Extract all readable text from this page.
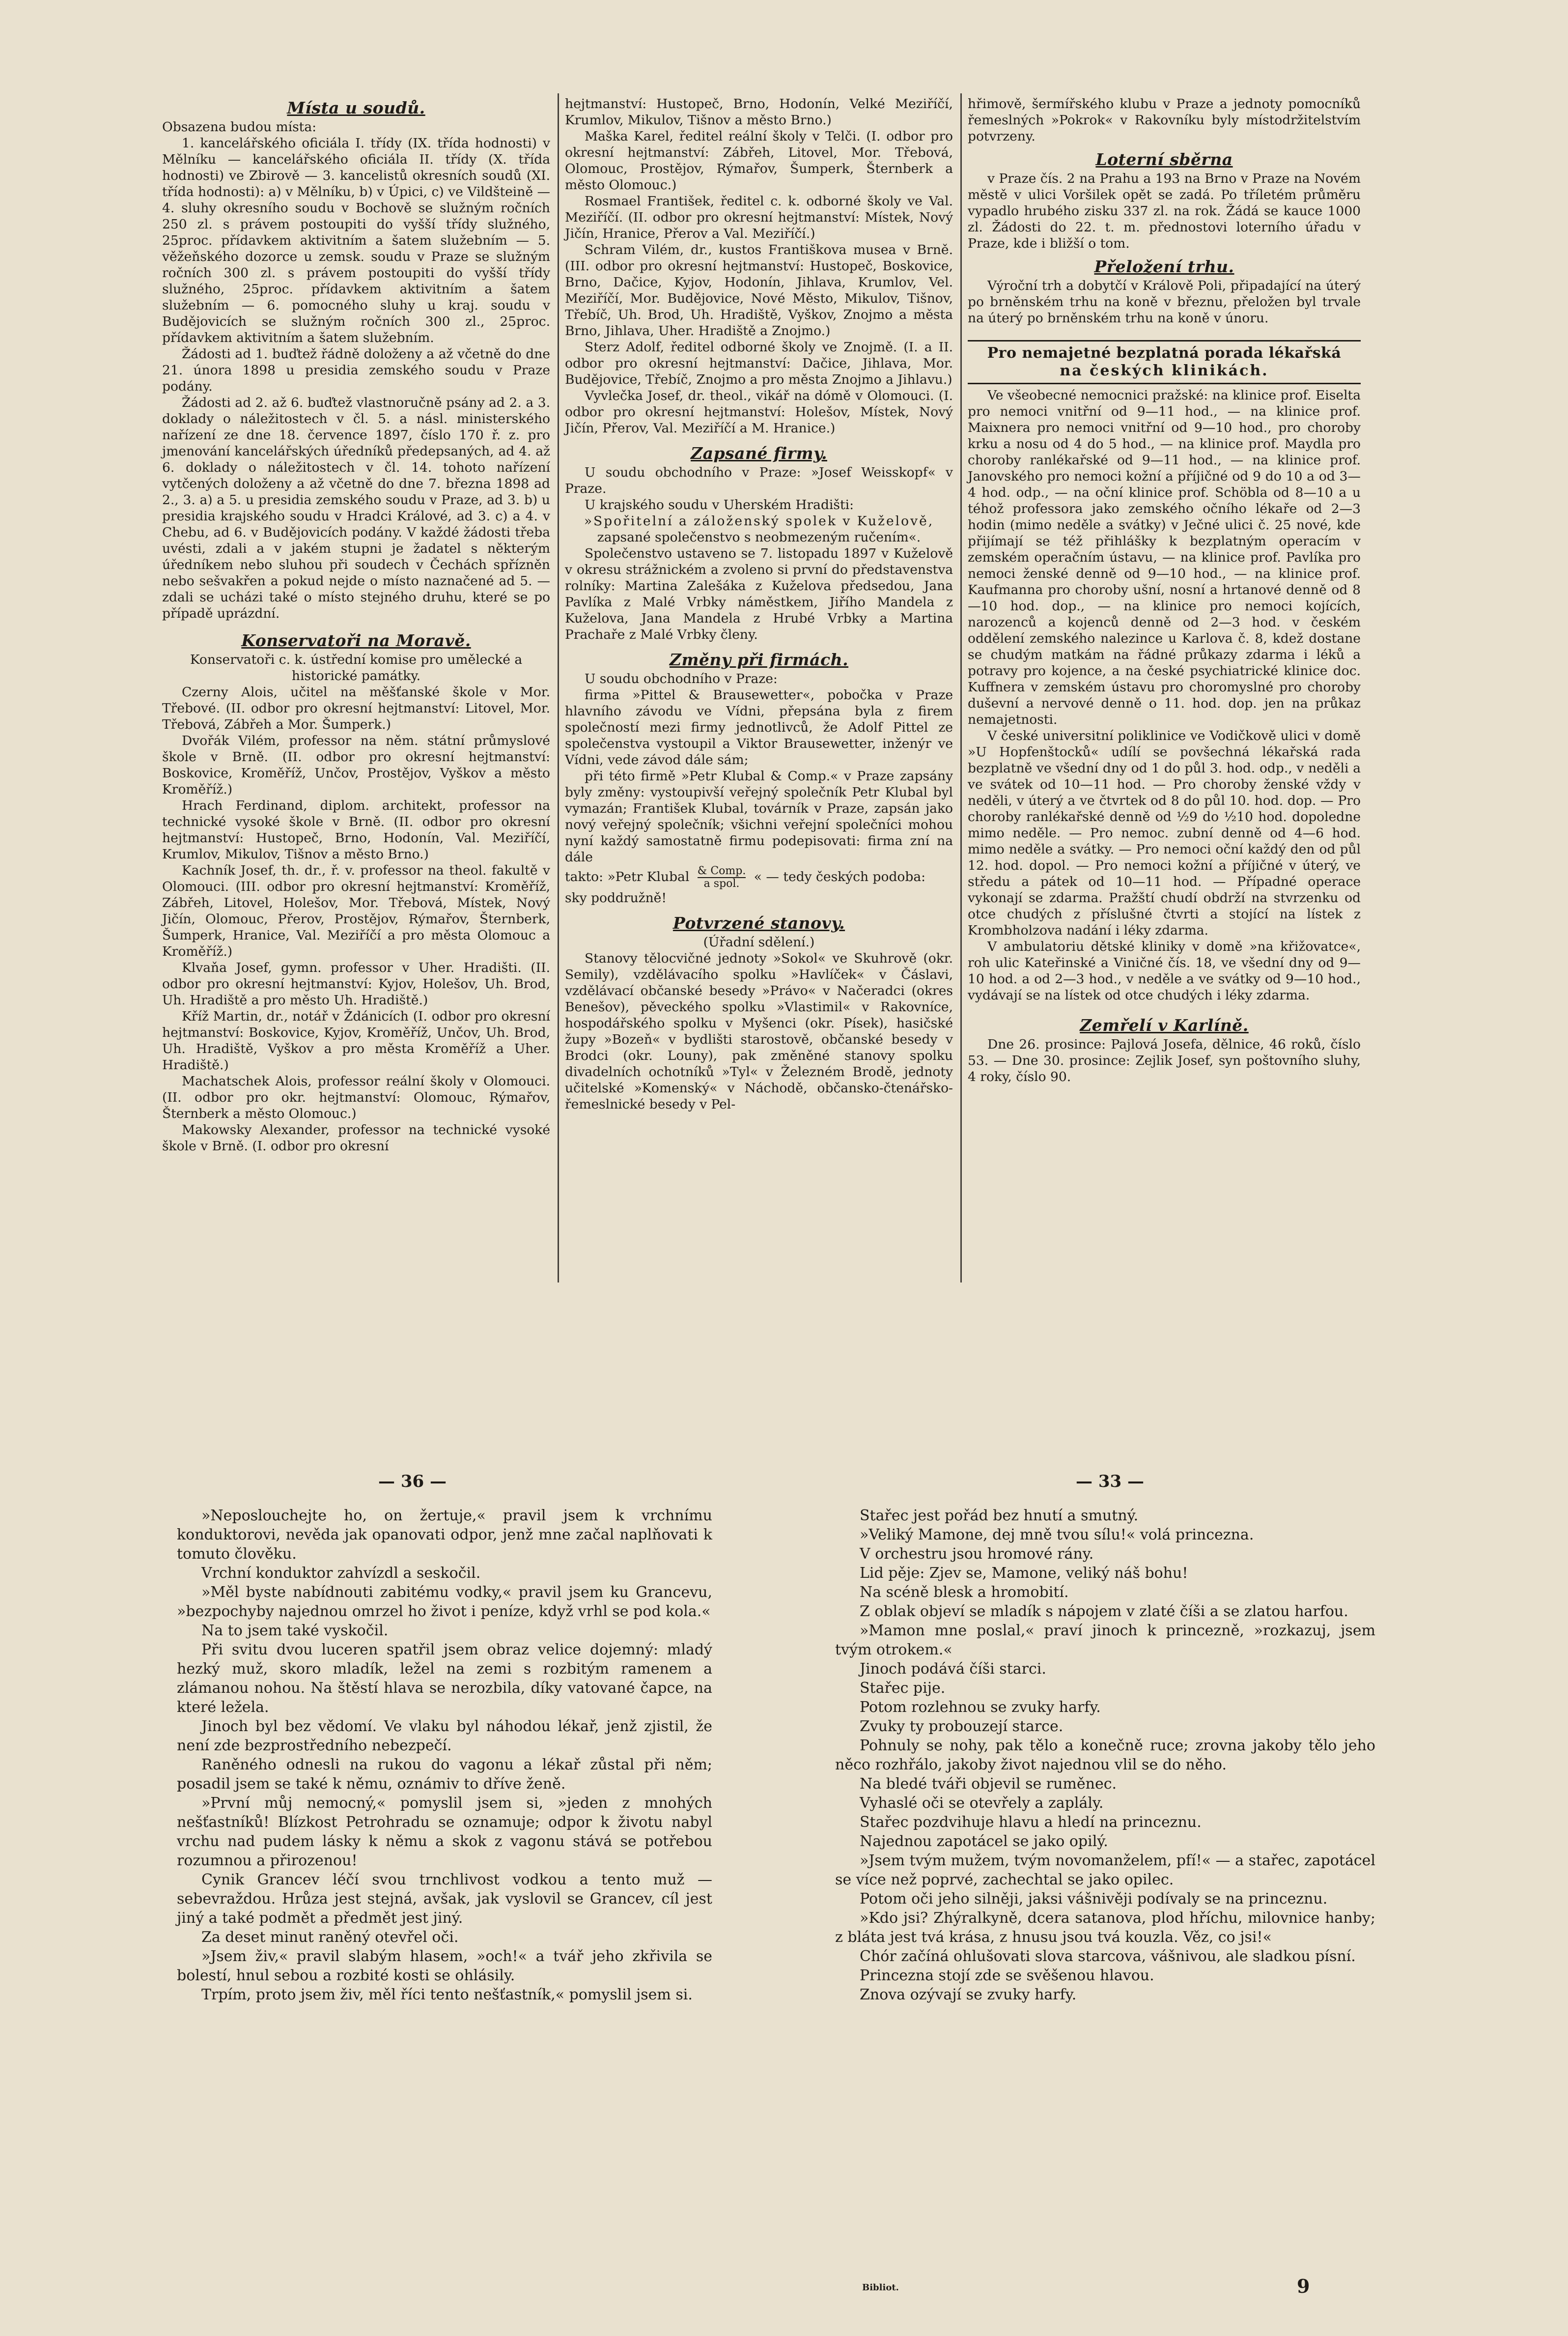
Místa u soudů.

Obsazena budou místa:

1. kancelářského oficiála I. třídy (IX. třída hodnosti) v Mělníku — kancelářského oficiála II. třídy (X. třída hodnosti) ve Zbirově — 3. kancelistů okresních soudů (XI. třída hodnosti): a) v Mělníku, b) v Úpici, c) ve Vildšteině — 4. sluhy okresního soudu v Bochově se služným ročních 250 zl. s právem postoupiti do vyšší třídy služného, 25proc. přídavkem aktivitním a šatem služebním — 5. věžeňského dozorce u zemsk. soudu v Praze se služným ročních 300 zl. s právem postoupiti do vyšší třídy služného, 25proc. přídavkem aktivitním a šatem služebním — 6. pomocného sluhy u kraj. soudu v Budějovicích se služným ročních 300 zl., 25proc. přídavkem aktivitním a šatem služebním.

Žádosti ad 1. buďtež řádně doloženy a až včetně do dne 21. února 1898 u presidia zemského soudu v Praze podány.

Žádosti ad 2. až 6. buďtež vlastnoručně psány ad 2. a 3. doklady o náležitostech v čl. 5. a násl. ministerského nařízení ze dne 18. července 1897, číslo 170 ř. z. pro jmenování kancelářských úředníků předepsaných, ad 4. až 6. doklady o náležitostech v čl. 14. tohoto nařízení vytčených doloženy a až včetně do dne 7. března 1898 ad 2., 3. a) a 5. u presidia zemského soudu v Praze, ad 3. b) u presidia krajského soudu v Hradci Králové, ad 3. c) a 4. v Chebu, ad 6. v Budějovicích podány. V každé žádosti třeba uvésti, zdali a v jakém stupni je žadatel s některým úředníkem nebo sluhou při soudech v Čechách spřízněn nebo sešvakřen a pokud nejde o místo naznačené ad 5. — zdali se ucházi také o místo stejného druhu, které se po případě uprázdní.

Konservatoři na Moravě.

Konservatoři c. k. ústřední komise pro umělecké a historické památky.

Czerny Alois, učitel na měšťanské škole v Mor. Třebové. (II. odbor pro okresní hejtmanství: Litovel, Mor. Třebová, Zábřeh a Mor. Šumperk.)

Dvořák Vilém, professor na něm. státní průmyslové škole v Brně. (II. odbor pro okresní hejtmanství: Boskovice, Kroměříž, Unčov, Prostějov, Vyškov a město Kroměříž.)

Hrach Ferdinand, diplom. architekt, professor na technické vysoké škole v Brně. (II. odbor pro okresní hejtmanství: Hustopeč, Brno, Hodonín, Val. Meziříčí, Krumlov, Mikulov, Tišnov a město Brno.)

Kachník Josef, th. dr., ř. v. professor na theol. fakultě v Olomouci. (III. odbor pro okresní hejtmanství: Kroměříž, Zábřeh, Litovel, Holešov, Mor. Třebová, Místek, Nový Jičín, Olomouc, Přerov, Prostějov, Rýmařov, Šternberk, Šumperk, Hranice, Val. Meziříčí a pro města Olomouc a Kroměříž.)

Klvaňa Josef, gymn. professor v Uher. Hradišti. (II. odbor pro okresní hejtmanství: Kyjov, Holešov, Uh. Brod, Uh. Hradiště a pro město Uh. Hradiště.)

Kříž Martin, dr., notář v Ždánicích (I. odbor pro okresní hejtmanství: Boskovice, Kyjov, Kroměříž, Unčov, Uh. Brod, Uh. Hradiště, Vyškov a pro města Kroměříž a Uher. Hradiště.)

Machatschek Alois, professor reální školy v Olomouci. (II. odbor pro okr. hejtmanství: Olomouc, Rýmařov, Šternberk a město Olomouc.)

Makowsky Alexander, professor na technické vysoké škole v Brně. (I. odbor pro okresní

hejtmanství: Hustopeč, Brno, Hodonín, Velké Meziříčí, Krumlov, Mikulov, Tišnov a město Brno.)

Maška Karel, ředitel reální školy v Telči. (I. odbor pro okresní hejtmanství: Zábřeh, Litovel, Mor. Třebová, Olomouc, Prostějov, Rýmařov, Šumperk, Šternberk a město Olomouc.)

Rosmael František, ředitel c. k. odborné školy ve Val. Meziříčí. (II. odbor pro okresní hejtmanství: Místek, Nový Jičín, Hranice, Přerov a Val. Meziříčí.)

Schram Vilém, dr., kustos Františkova musea v Brně. (III. odbor pro okresní hejtmanství: Hustopeč, Boskovice, Brno, Dačice, Kyjov, Hodonín, Jihlava, Krumlov, Vel. Meziříčí, Mor. Budějovice, Nové Město, Mikulov, Tišnov, Třebíč, Uh. Brod, Uh. Hradiště, Vyškov, Znojmo a města Brno, Jihlava, Uher. Hradiště a Znojmo.)

Sterz Adolf, ředitel odborné školy ve Znojmě. (I. a II. odbor pro okresní hejtmanství: Dačice, Jihlava, Mor. Budějovice, Třebíč, Znojmo a pro města Znojmo a Jihlavu.)

Vyvlečka Josef, dr. theol., vikář na dómě v Olomouci. (I. odbor pro okresní hejtmanství: Holešov, Místek, Nový Jičín, Přerov, Val. Meziříčí a M. Hranice.)

Zapsané firmy.

U soudu obchodního v Praze: »Josef Weisskopf« v Praze.

U krajského soudu v Uherském Hradišti:

»Spořitelní a záloženský spolek v Kuželově,

zapsané společenstvo s neobmezeným ručením«.

Společenstvo ustaveno se 7. listopadu 1897 v Kuželově v okresu strážnickém a zvoleno si první do představenstva rolníky: Martina Zalešáka z Kuželova předsedou, Jana Pavlíka z Malé Vrbky náměstkem, Jiřího Mandela z Kuželova, Jana Mandela z Hrubé Vrbky a Martina Prachaře z Malé Vrbky členy.

Změny při firmách.

U soudu obchodního v Praze:

firma »Pittel & Brausewetter«, pobočka v Praze hlavního závodu ve Vídni, přepsána byla z firem společností mezi firmy jednotlivců, že Adolf Pittel ze společenstva vystoupil a Viktor Brausewetter, inženýr ve Vídni, vede závod dále sám;

při této firmě »Petr Klubal & Comp.« v Praze zapsány byly změny: vystoupivší veřejný společník Petr Klubal byl vymazán; František Klubal, továrník v Praze, zapsán jako nový veřejný společník; všichni veřejní společníci mohou nyní každý samostatně firmu podepisovati: firma zní na dále

takto: »Petr Klubal & Comp.
a spol.	« — tedy českých podoba:

sky poddružně!

Potvrzené stanovy.

(Úřadní sdělení.)

Stanovy tělocvičné jednoty »Sokol« ve Skuhrově (okr. Semily), vzdělávacího spolku »Havlíček« v Čáslavi, vzdělávací občanské besedy »Právo« v Načeradci (okres Benešov), pěveckého spolku »Vlastimil« v Rakovníce, hospodářského spolku v Myšenci (okr. Písek), hasičské župy »Bozeň« v bydlišti starostově, občanské besedy v Brodci (okr. Louny), pak změněné stanovy spolku divadelních ochotníků »Tyl« v Železném Brodě, jednoty učitelské »Komenský« v Náchodě, občansko-čtenářsko-řemeslnické besedy v Pel-

hřimově, šermířského klubu v Praze a jednoty pomocníků řemeslných »Pokrok« v Rakovníku byly místodržitelstvím potvrzeny.

Loterní sběrna

v Praze čís. 2 na Prahu a 193 na Brno v Praze na Novém městě v ulici Voršilek opět se zadá. Po tříletém průměru vypadlo hrubého zisku 337 zl. na rok. Žádá se kauce 1000 zl. Žádosti do 22. t. m. přednostovi loterního úřadu v Praze, kde i bližší o tom.

Přeložení trhu.

Výroční trh a dobytčí v Králově Poli, připadající na úterý po brněnském trhu na koně v březnu, přeložen byl trvale na úterý po brněnském trhu na koně v únoru.

Pro nemajetné bezplatná porada lékařská
na českých klinikách.

Ve všeobecné nemocnici pražské: na klinice prof. Eiselta pro nemoci vnitřní od 9—11 hod., — na klinice prof. Maixnera pro nemoci vnitřní od 9—10 hod., pro choroby krku a nosu od 4 do 5 hod., — na klinice prof. Maydla pro choroby ranlékařské od 9—11 hod., — na klinice prof. Janovského pro nemoci kožní a příjičné od 9 do 10 a od 3—4 hod. odp., — na oční klinice prof. Schöbla od 8—10 a u téhož professora jako zemského očního lékaře od 2—3 hodin (mimo neděle a svátky) v Ječné ulici č. 25 nové, kde přijímají se též přihlášky k bezplatným operacím v zemském operačním ústavu, — na klinice prof. Pavlíka pro nemoci ženské denně od 9—10 hod., — na klinice prof. Kaufmanna pro choroby ušní, nosní a hrtanové denně od 8—10 hod. dop., — na klinice pro nemoci kojících, narozenců a kojenců denně od 2—3 hod. v českém oddělení zemského nalezince u Karlova č. 8, kdež dostane se chudým matkám na řádné průkazy zdarma i léků a potravy pro kojence, a na české psychiatrické klinice doc. Kuffnera v zemském ústavu pro choromyslné pro choroby duševní a nervové denně o 11. hod. dop. jen na průkaz nemajetnosti.

V české universitní poliklinice ve Vodičkově ulici v domě »U Hopfenštocků« udílí se povšechná lékařská rada bezplatně ve všední dny od 1 do půl 3. hod. odp., v neděli a ve svátek od 10—11 hod. — Pro choroby ženské vždy v neděli, v úterý a ve čtvrtek od 8 do půl 10. hod. dop. — Pro choroby ranlékařské denně od ½9 do ½10 hod. dopoledne mimo neděle. — Pro nemoc. zubní denně od 4—6 hod. mimo neděle a svátky. — Pro nemoci oční každý den od půl 12. hod. dopol. — Pro nemoci kožní a příjičné v úterý, ve středu a pátek od 10—11 hod. — Případné operace vykonají se zdarma. Pražští chudí obdrží na stvrzenku od otce chudých z příslušné čtvrti a stojící na lístek z Krombholzova nadání i léky zdarma.

V ambulatoriu dětské kliniky v domě »na křižovatce«, roh ulic Kateřinské a Viničné čís. 18, ve všední dny od 9—10 hod. a od 2—3 hod., v neděle a ve svátky od 9—10 hod., vydávají se na lístek od otce chudých i léky zdarma.

Zemřelí v Karlíně.

Dne 26. prosince: Pajlová Josefa, dělnice, 46 roků, číslo 53. — Dne 30. prosince: Zejlik Josef, syn poštovního sluhy, 4 roky, číslo 90.

— 36 —	— 33 —

»Neposlouchejte ho, on žertuje,« pravil jsem k vrchnímu konduktorovi, nevěda jak opanovati odpor, jenž mne začal naplňovati k tomuto člověku.

Vrchní konduktor zahvízdl a seskočil.

»Měl byste nabídnouti zabitému vodky,« pravil jsem ku Grancevu, »bezpochyby najednou omrzel ho život i peníze, když vrhl se pod kola.«

Na to jsem také vyskočil.

Při svitu dvou luceren spatřil jsem obraz velice dojemný: mladý hezký muž, skoro mladík, ležel na zemi s rozbitým ramenem a zlámanou nohou. Na štěstí hlava se nerozbila, díky vatované čapce, na které ležela.

Jinoch byl bez vědomí. Ve vlaku byl náhodou lékař, jenž zjistil, že není zde bezprostředního nebezpečí.

Raněného odnesli na rukou do vagonu a lékař zůstal při něm; posadil jsem se také k němu, oznámiv to dříve ženě.

»První můj nemocný,« pomyslil jsem si, »jeden z mnohých nešťastníků! Blízkost Petrohradu se oznamuje; odpor k životu nabyl vrchu nad pudem lásky k němu a skok z vagonu stává se potřebou rozumnou a přirozenou!

Cynik Grancev léčí svou trnchlivost vodkou a tento muž — sebevraždou. Hrůza jest stejná, avšak, jak vyslovil se Grancev, cíl jest jiný a také podmět a předmět jest jiný.

Za deset minut raněný otevřel oči.

»Jsem živ,« pravil slabým hlasem, »och!« a tvář jeho zkřivila se bolestí, hnul sebou a rozbité kosti se ohlásily.

Trpím, proto jsem živ, měl říci tento nešťastník,« pomyslil jsem si.

Stařec jest pořád bez hnutí a smutný.

»Veliký Mamone, dej mně tvou sílu!« volá princezna.

V orchestru jsou hromové rány.

Lid pěje: Zjev se, Mamone, veliký náš bohu!

Na scéně blesk a hromobití.

Z oblak objeví se mladík s nápojem v zlaté číši a se zlatou harfou.

»Mamon mne poslal,« praví jinoch k princezně, »rozkazuj, jsem tvým otrokem.«

Jinoch podává číši starci.

Stařec pije.

Potom rozlehnou se zvuky harfy.

Zvuky ty probouzejí starce.

Pohnuly se nohy, pak tělo a konečně ruce; zrovna jakoby tělo jeho něco rozhřálo, jakoby život najednou vlil se do něho.

Na bledé tváři objevil se ruměnec.

Vyhaslé oči se otevřely a zaplály.

Stařec pozdvihuje hlavu a hledí na princeznu.

Najednou zapotácel se jako opilý.

»Jsem tvým mužem, tvým novomanželem, pfí!« — a stařec, zapotácel se více než poprvé, zachechtal se jako opilec.

Potom oči jeho silněji, jaksi vášnivěji podívaly se na princeznu.

»Kdo jsi? Zhýralkyně, dcera satanova, plod hříchu, milovnice hanby; z bláta jest tvá krása, z hnusu jsou tvá kouzla. Věz, co jsi!«

Chór začíná ohlušovati slova starcova, vášnivou, ale sladkou písní.

Princezna stojí zde se svěšenou hlavou.

Znova ozývají se zvuky harfy.

Bibliot.	9
